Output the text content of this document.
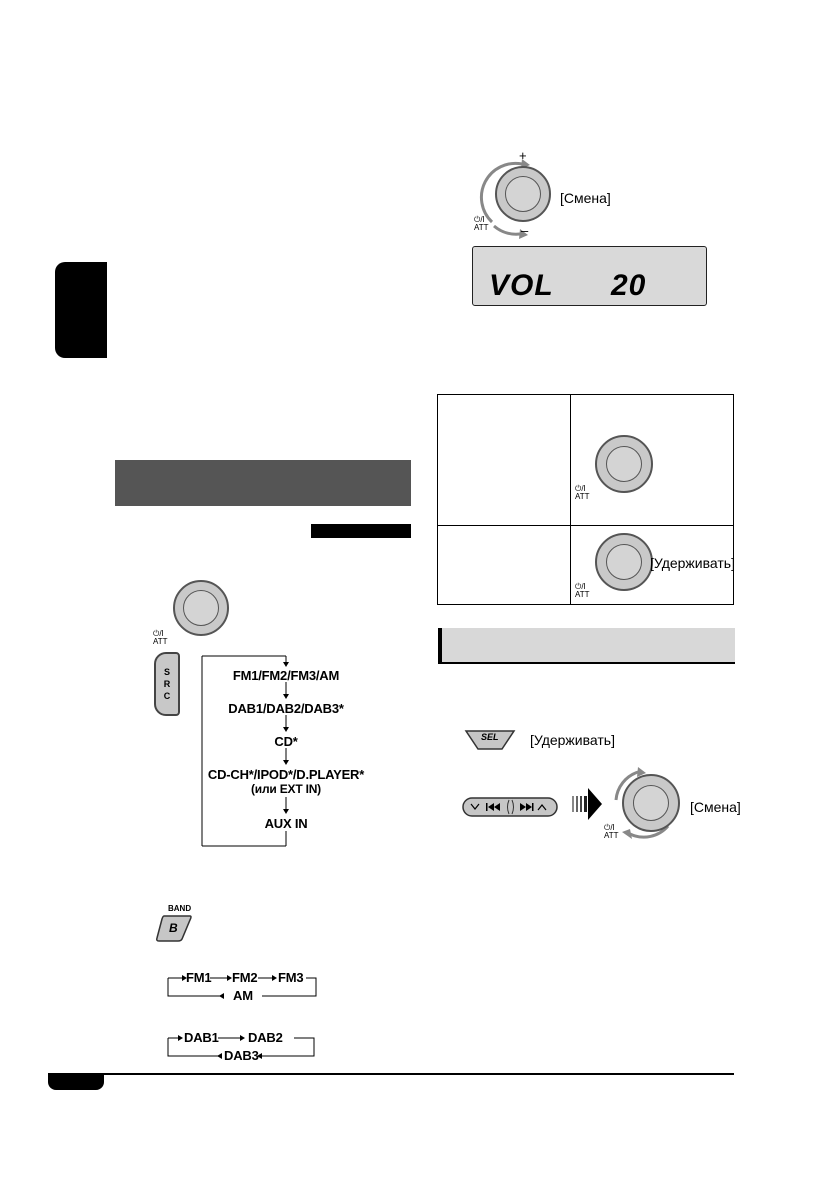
+
–
⏻/I
ATT
[Смена]
VOL 20
⏻/I
ATT
⏻/I
ATT
[Удерживать]
⏻/I
ATT
S
R
C
FM1/FM2/FM3/AM
DAB1/DAB2/DAB3*
CD*
CD-CH*/IPOD*/D.PLAYER*
(или EXT IN)
AUX IN
BAND
B
FM1 FM2 FM3
AM
DAB1 DAB2
DAB3
SEL [Удерживать]
⏻/I
ATT
[Смена]
